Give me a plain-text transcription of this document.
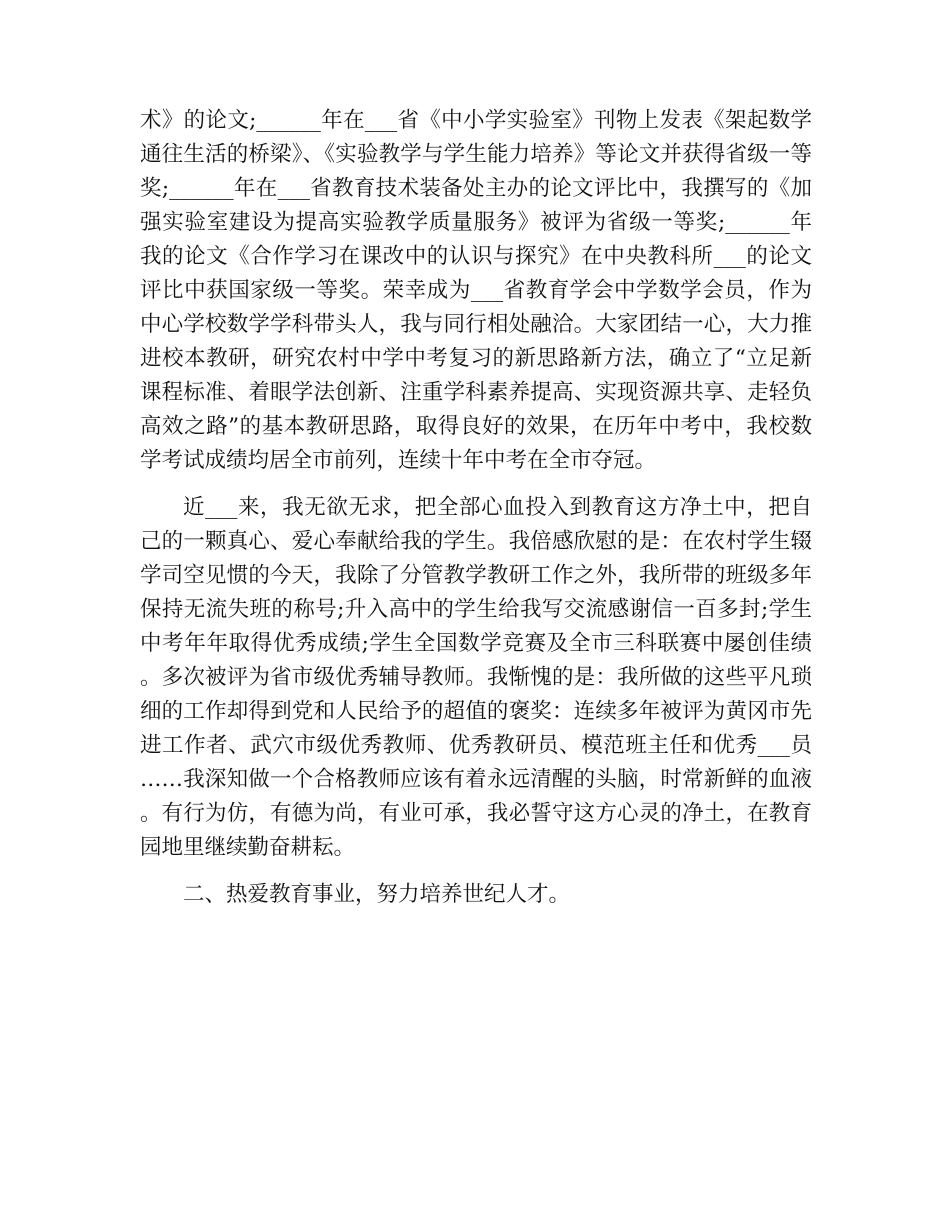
术》的论文;______年在___省《中小学实验室》刊物上发表《架起数学通往生活的桥梁》、《实验教学与学生能力培养》等论文并获得省级一等奖;______年在___省教育技术装备处主办的论文评比中，我撰写的《加强实验室建设为提高实验教学质量服务》被评为省级一等奖;______年我的论文《合作学习在课改中的认识与探究》在中央教科所___的论文评比中获国家级一等奖。荣幸成为___省教育学会中学数学会员，作为中心学校数学学科带头人，我与同行相处融洽。大家团结一心，大力推进校本教研，研究农村中学中考复习的新思路新方法，确立了“立足新课程标准、着眼学法创新、注重学科素养提高、实现资源共享、走轻负高效之路”的基本教研思路，取得良好的效果，在历年中考中，我校数学考试成绩均居全市前列，连续十年中考在全市夺冠。

近___来，我无欲无求，把全部心血投入到教育这方净土中，把自己的一颗真心、爱心奉献给我的学生。我倍感欣慰的是：在农村学生辍学司空见惯的今天，我除了分管教学教研工作之外，我所带的班级多年保持无流失班的称号;升入高中的学生给我写交流感谢信一百多封;学生中考年年取得优秀成绩;学生全国数学竞赛及全市三科联赛中屡创佳绩。多次被评为省市级优秀辅导教师。我惭愧的是：我所做的这些平凡琐细的工作却得到党和人民给予的超值的褒奖：连续多年被评为黄冈市先进工作者、武穴市级优秀教师、优秀教研员、模范班主任和优秀___员……我深知做一个合格教师应该有着永远清醒的头脑，时常新鲜的血液。有行为仿，有德为尚，有业可承，我必誓守这方心灵的净土，在教育园地里继续勤奋耕耘。

二、热爱教育事业，努力培养世纪人才。
